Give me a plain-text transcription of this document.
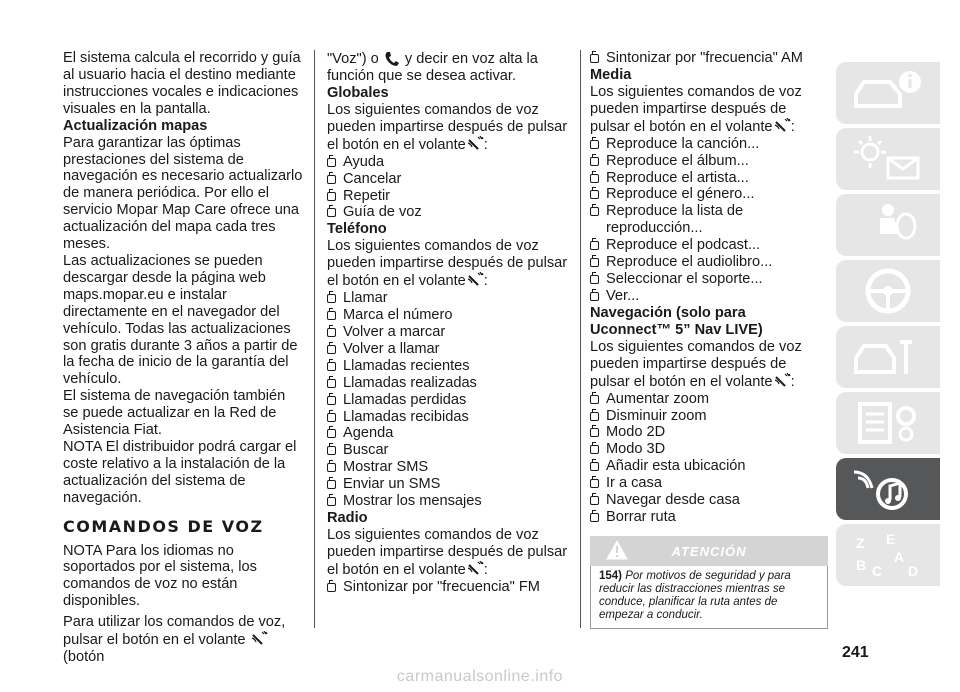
El sistema calcula el recorrido y guía al usuario hacia el destino mediante instrucciones vocales e indicaciones visuales en la pantalla.

Actualización mapas

Para garantizar las óptimas prestaciones del sistema de navegación es necesario actualizarlo de manera periódica. Por ello el servicio Mopar Map Care ofrece una actualización del mapa cada tres meses.

Las actualizaciones se pueden descargar desde la página web maps.mopar.eu e instalar directamente en el navegador del vehículo. Todas las actualizaciones son gratis durante 3 años a partir de la fecha de inicio de la garantía del vehículo.

El sistema de navegación también se puede actualizar en la Red de Asistencia Fiat.

NOTA El distribuidor podrá cargar el coste relativo a la instalación de la actualización del sistema de navegación.

COMANDOS DE VOZ

NOTA Para los idiomas no soportados por el sistema, los comandos de voz no están disponibles.

Para utilizar los comandos de voz, pulsar el botón en el volante  (botón

"Voz") o y decir en voz alta la función que se desea activar.

Globales

Los siguientes comandos de voz pueden impartirse después de pulsar el botón en el volante :

Ayuda
Cancelar
Repetir
Guía de voz
Teléfono

Los siguientes comandos de voz pueden impartirse después de pulsar el botón en el volante :

Llamar
Marca el número
Volver a marcar
Volver a llamar
Llamadas recientes
Llamadas realizadas
Llamadas perdidas
Llamadas recibidas
Agenda
Buscar
Mostrar SMS
Enviar un SMS
Mostrar los mensajes
Radio

Los siguientes comandos de voz pueden impartirse después de pulsar el botón en el volante :

Sintonizar por "frecuencia" FM
Sintonizar por "frecuencia" AM
Media

Los siguientes comandos de voz pueden impartirse después de pulsar el botón en el volante :

Reproduce la canción...
Reproduce el álbum...
Reproduce el artista...
Reproduce el género...
Reproduce la lista de reproducción...
Reproduce el podcast...
Reproduce el audiolibro...
Seleccionar el soporte...
Ver...
Navegación (solo para Uconnect™ 5” Nav LIVE)

Los siguientes comandos de voz pueden impartirse después de pulsar el botón en el volante :

Aumentar zoom
Disminuir zoom
Modo 2D
Modo 3D
Añadir esta ubicación
Ir a casa
Navegar desde casa
Borrar ruta
ATENCIÓN
154) Por motivos de seguridad y para reducir las distracciones mientras se conduce, planificar la ruta antes de empezar a conducir.
Z E
A
B C D
241
carmanualsonline.info
